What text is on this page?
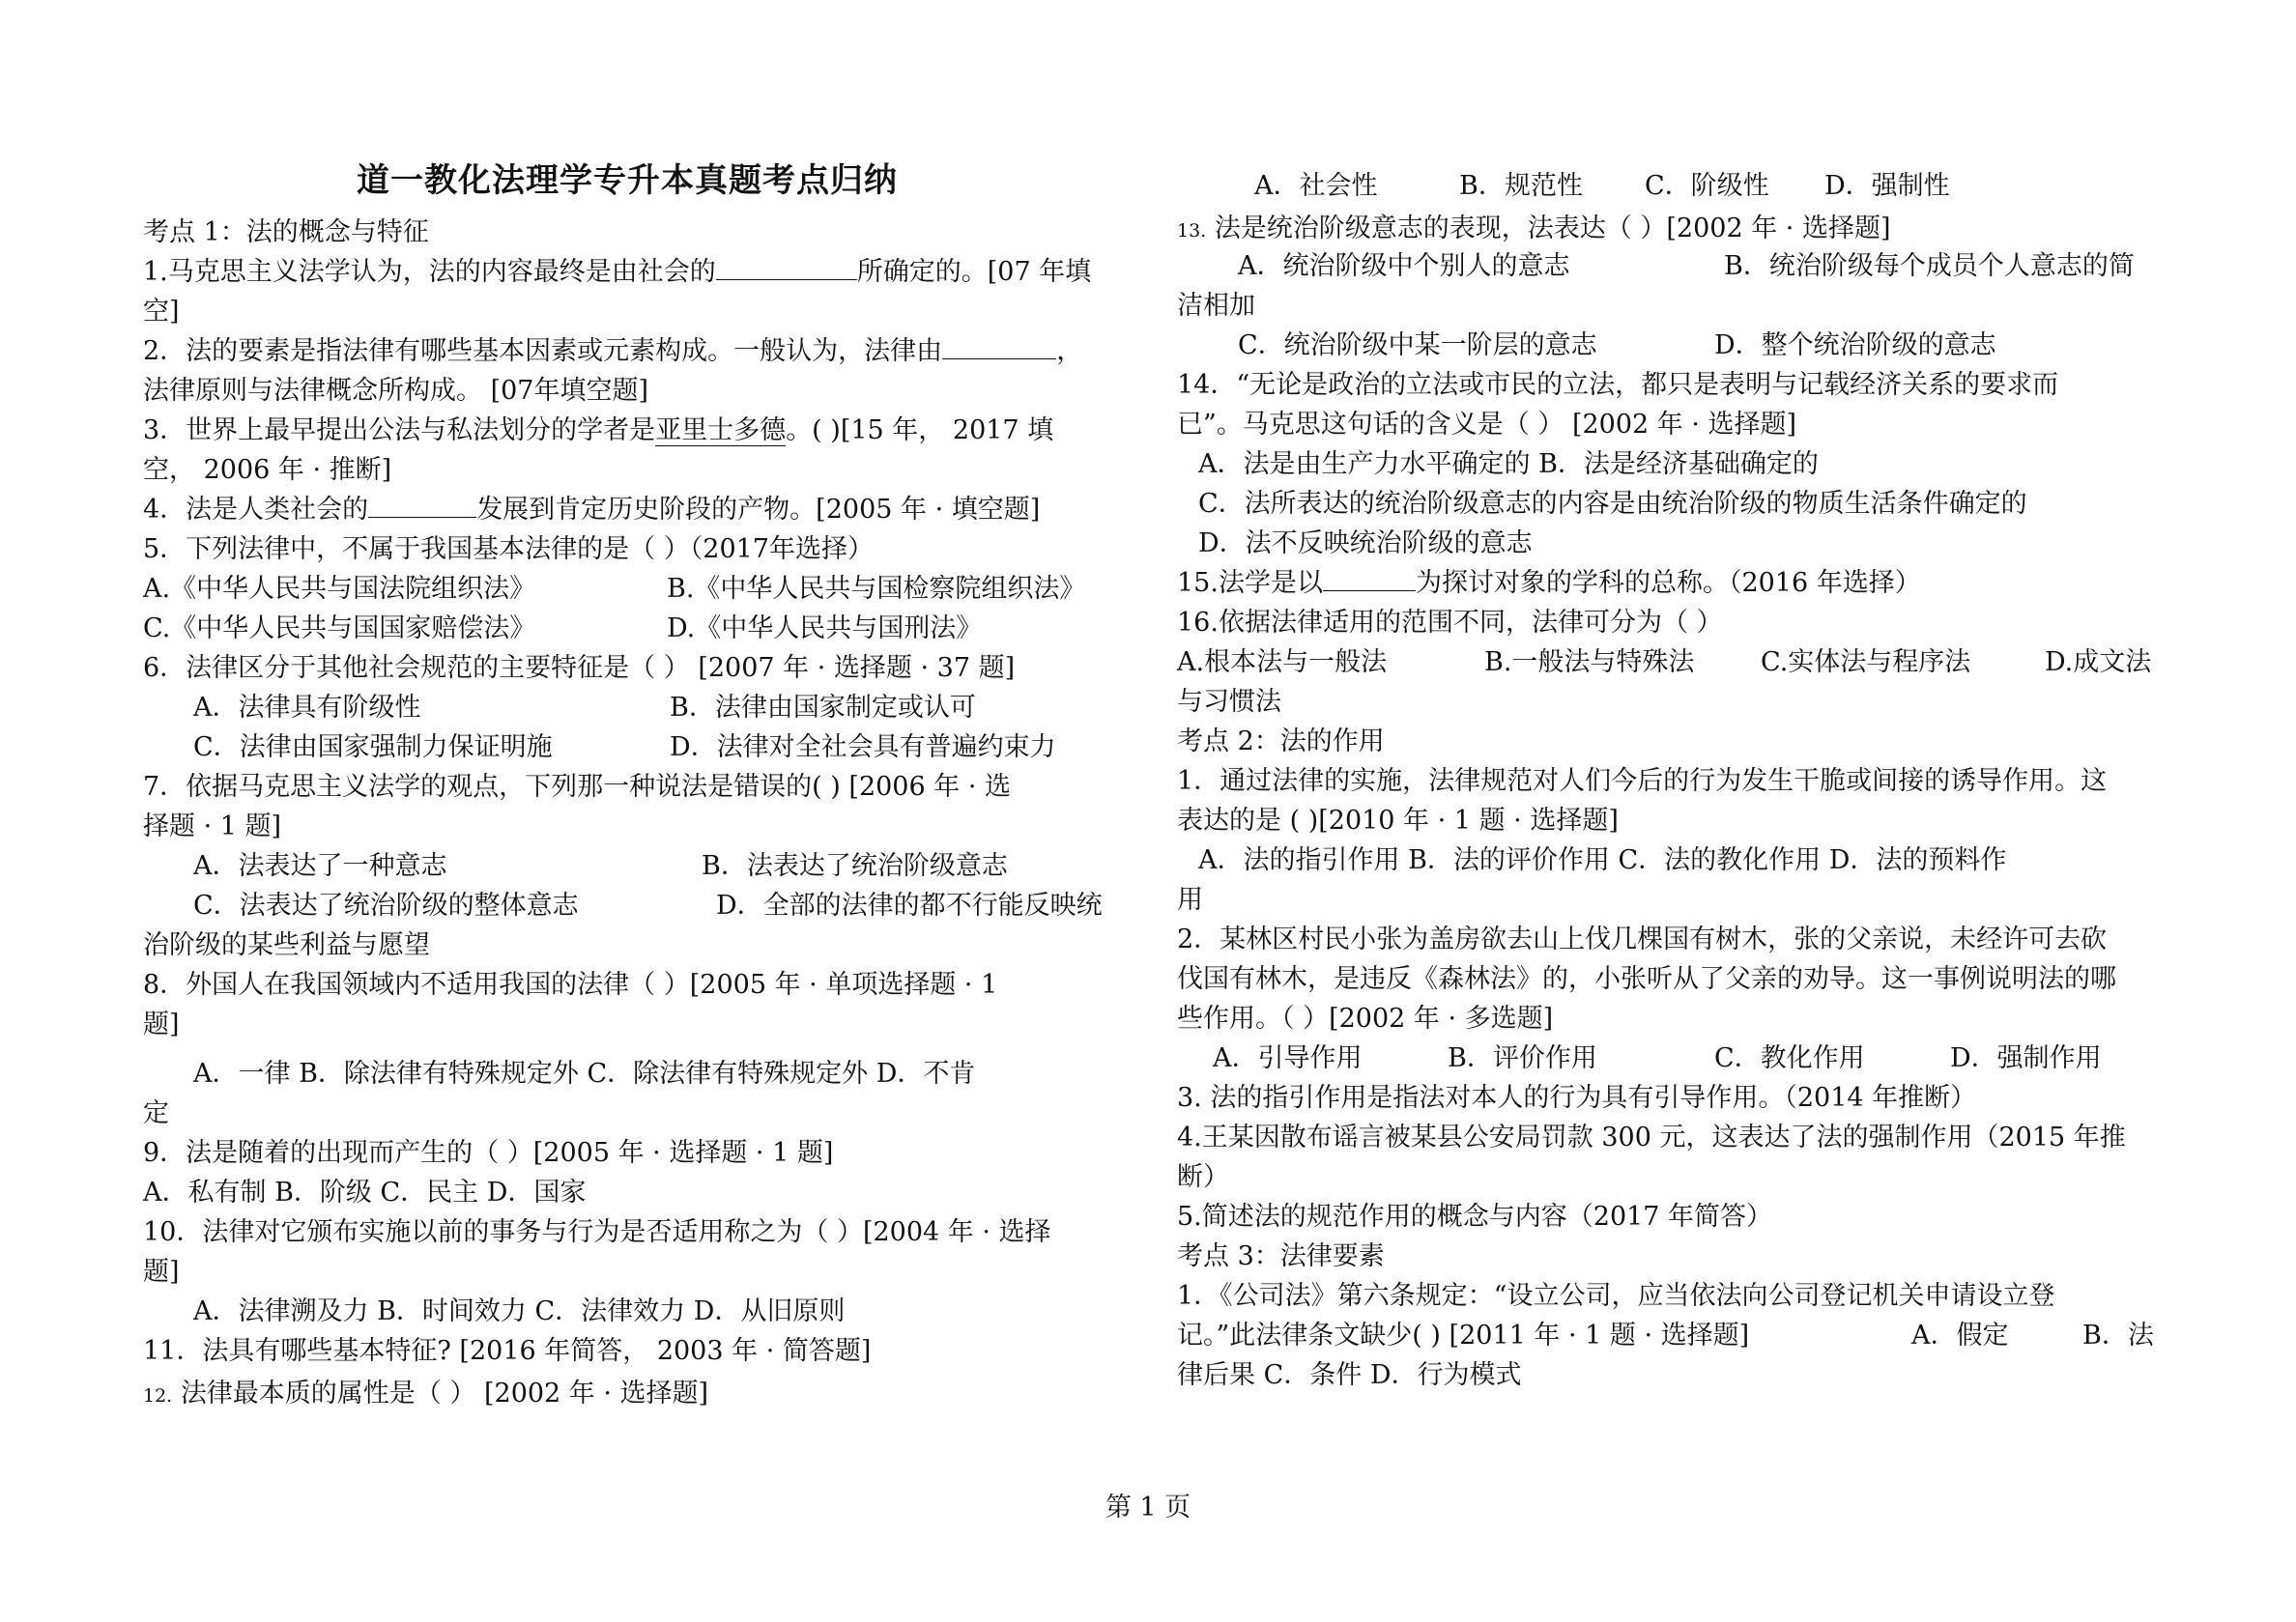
道一教化法理学专升本真题考点归纳
考点 1：法的概念与特征
1.马克思主义法学认为，法的内容最终是由社会的	所确定的。[07 年填
空]
2．法的要素是指法律有哪些基本因素或元素构成。一般认为，法律由	，
法律原则与法律概念所构成。 [07年填空题]
3．世界上最早提出公法与私法划分的学者是亚里士多德。( )[15 年， 2017 填
空， 2006 年 · 推断]
4．法是人类社会的	发展到肯定历史阶段的产物。[2005 年 · 填空题]
5．下列法律中，不属于我国基本法律的是（ ）（2017年选择）
A.《中华人民共与国法院组织法》	B.《中华人民共与国检察院组织法》
C.《中华人民共与国国家赔偿法》	D.《中华人民共与国刑法》
6．法律区分于其他社会规范的主要特征是（ ） [2007 年 · 选择题 · 37 题]
A．法律具有阶级性	B．法律由国家制定或认可
C．法律由国家强制力保证明施	D．法律对全社会具有普遍约束力
7．依据马克思主义法学的观点，下列那一种说法是错误的( ) [2006 年 · 选
择题 · 1 题]
A．法表达了一种意志	B．法表达了统治阶级意志
C．法表达了统治阶级的整体意志	D．全部的法律的都不行能反映统
治阶级的某些利益与愿望
8．外国人在我国领域内不适用我国的法律（ ）[2005 年 · 单项选择题 · 1
题]
A．一律 B．除法律有特殊规定外 C．除法律有特殊规定外 D．不肯
定
9．法是随着的出现而产生的（ ）[2005 年 · 选择题 · 1 题]
A．私有制 B．阶级 C．民主 D．国家
10．法律对它颁布实施以前的事务与行为是否适用称之为（ ）[2004 年 · 选择
题]
A．法律溯及力 B．时间效力 C．法律效力 D．从旧原则
11．法具有哪些基本特征? [2016 年简答， 2003 年 · 简答题]
12. 法律最本质的属性是（ ） [2002 年 · 选择题]
A．社会性	B．规范性 C．阶级性 D．强制性
13. 法是统治阶级意志的表现，法表达（ ）[2002 年 · 选择题]
A．统治阶级中个别人的意志	B．统治阶级每个成员个人意志的简
洁相加
C．统治阶级中某一阶层的意志	D．整个统治阶级的意志
14．“无论是政治的立法或市民的立法，都只是表明与记载经济关系的要求而
已”。马克思这句话的含义是（ ） [2002 年 · 选择题]
A．法是由生产力水平确定的 B．法是经济基础确定的
C．法所表达的统治阶级意志的内容是由统治阶级的物质生活条件确定的
D．法不反映统治阶级的意志
15.法学是以	为探讨对象的学科的总称。（2016 年选择）
16.依据法律适用的范围不同，法律可分为（ ）
A.根本法与一般法	B.一般法与特殊法	C.实体法与程序法	D.成文法
与习惯法
考点 2：法的作用
1．通过法律的实施，法律规范对人们今后的行为发生干脆或间接的诱导作用。这
表达的是 ( )[2010 年 · 1 题 · 选择题]
A．法的指引作用 B．法的评价作用 C．法的教化作用 D．法的预料作
用
2．某林区村民小张为盖房欲去山上伐几棵国有树木，张的父亲说，未经许可去砍
伐国有林木，是违反《森林法》的，小张听从了父亲的劝导。这一事例说明法的哪
些作用。（ ）[2002 年 · 多选题]
A．引导作用	B．评价作用	C．教化作用	D．强制作用
3. 法的指引作用是指法对本人的行为具有引导作用。（2014 年推断）
4.王某因散布谣言被某县公安局罚款 300 元，这表达了法的强制作用（2015 年推
断）
5.简述法的规范作用的概念与内容（2017 年简答）
考点 3：法律要素
1．《公司法》第六条规定：“设立公司，应当依法向公司登记机关申请设立登
记。”此法律条文缺少( ) [2011 年 · 1 题 · 选择题]	A．假定	B．法
律后果 C．条件 D．行为模式
第 1 页
